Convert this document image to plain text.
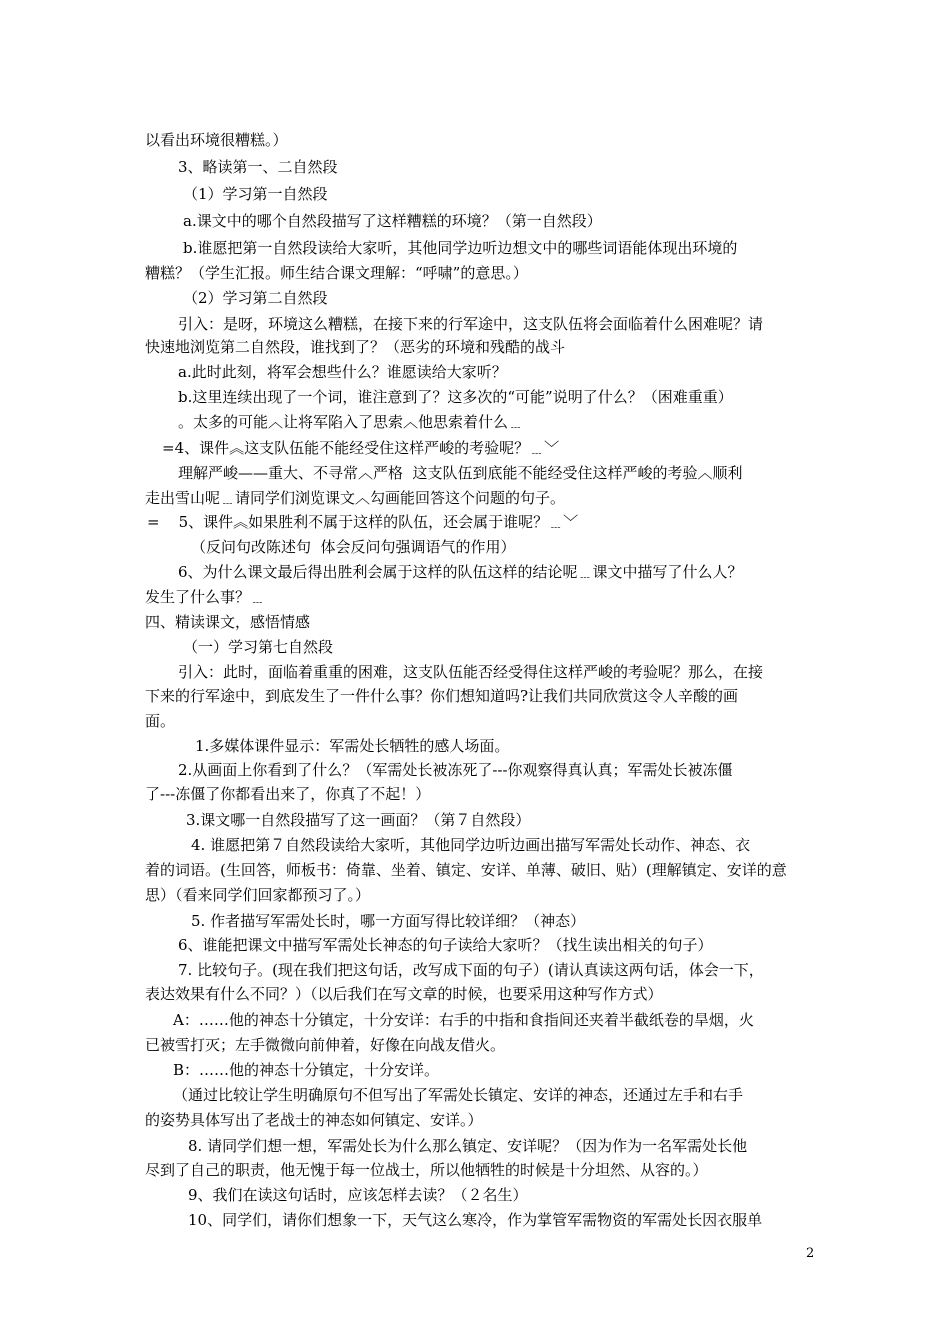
以看出环境很糟糕。）
3、略读第一、二自然段
（1）学习第一自然段
a.课文中的哪个自然段描写了这样糟糕的环境？（第一自然段）
b.谁愿把第一自然段读给大家听，其他同学边听边想文中的哪些词语能体现出环境的
糟糕？（学生汇报。师生结合课文理解：“呼啸”的意思。）
（2）学习第二自然段
引入：是呀，环境这么糟糕，在接下来的行军途中，这支队伍将会面临着什么困难呢？请
快速地浏览第二自然段，谁找到了？（恶劣的环境和残酷的战斗
a.此时此刻，将军会想些什么？谁愿读给大家听？
b.这里连续出现了一个词，谁注意到了？这多次的“可能”说明了什么？（困难重重）
。太多的可能︿让将军陷入了思索︿他思索着什么﹍
=4、课件︽这支队伍能不能经受住这样严峻的考验呢？﹍﹀
理解严峻——重大、不寻常︿严格  这支队伍到底能不能经受住这样严峻的考验︿顺利
走出雪山呢﹍请同学们浏览课文︿勾画能回答这个问题的句子。
=    5、课件︽如果胜利不属于这样的队伍，还会属于谁呢？﹍﹀
（反问句改陈述句  体会反问句强调语气的作用）
6、为什么课文最后得出胜利会属于这样的队伍这样的结论呢﹍课文中描写了什么人？
发生了什么事？﹍
四、精读课文，感悟情感
（一）学习第七自然段
引入：此时，面临着重重的困难，这支队伍能否经受得住这样严峻的考验呢？那么，在接
下来的行军途中，到底发生了一件什么事？你们想知道吗?让我们共同欣赏这令人辛酸的画
面。
1.多媒体课件显示：军需处长牺牲的感人场面。
2.从画面上你看到了什么？（军需处长被冻死了---你观察得真认真；军需处长被冻僵
了---冻僵了你都看出来了，你真了不起！）
3.课文哪一自然段描写了这一画面？（第７自然段）
4. 谁愿把第７自然段读给大家听，其他同学边听边画出描写军需处长动作、神态、衣
着的词语。(生回答，师板书：倚靠、坐着、镇定、安详、单薄、破旧、贴）(理解镇定、安详的意
思）（看来同学们回家都预习了。）
5. 作者描写军需处长时，哪一方面写得比较详细？（神态）
6、谁能把课文中描写军需处长神态的句子读给大家听？（找生读出相关的句子）
7. 比较句子。(现在我们把这句话，改写成下面的句子）(请认真读这两句话，体会一下，
表达效果有什么不同？）（以后我们在写文章的时候，也要采用这种写作方式）
A：……他的神态十分镇定，十分安详：右手的中指和食指间还夹着半截纸卷的旱烟，火
已被雪打灭；左手微微向前伸着，好像在向战友借火。
B：……他的神态十分镇定，十分安详。
（通过比较让学生明确原句不但写出了军需处长镇定、安详的神态，还通过左手和右手
的姿势具体写出了老战士的神态如何镇定、安详。）
8. 请同学们想一想，军需处长为什么那么镇定、安详呢？（因为作为一名军需处长他
尽到了自己的职责，他无愧于每一位战士，所以他牺牲的时候是十分坦然、从容的。）
9、我们在读这句话时，应该怎样去读？（２名生）
10、同学们，请你们想象一下，天气这么寒冷，作为掌管军需物资的军需处长因衣服单
2
